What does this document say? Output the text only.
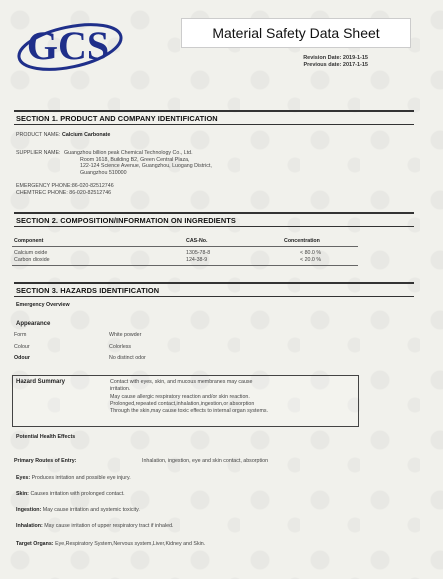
GCS	Material Safety Data Sheet
Revision Date: 2019-1-15
Previous date: 2017-1-15
SECTION 1. PRODUCT AND COMPANY IDENTIFICATION
PRODUCT NAME: Calcium Carbonate
SUPPLIER NAME: Guangzhou billion peak Chemical Technology Co., Ltd.
Room 1618, Building B2, Green Central Plaza,
122-124 Science Avenue, Guangzhou, Luogang District,
Guangzhou 510000
EMERGENCY PHONE:86-020-82512746
CHEMTREC PHONE: 86-020-82512746
SECTION 2. COMPOSITION/INFORMATION ON INGREDIENTS
Component	CAS-No.	Concentration
Calcium oxide	1305-78-8	< 80.0 %
Carbon dioxide	124-38-9	< 20.0 %
SECTION 3. HAZARDS IDENTIFICATION
Emergency Overview
Appearance
Form	White powder
Colour	Colorless
Odour	No distinct odor
Hazard Summary	Contact with eyes, skin, and mucous membranes may cause
irritation.
May cause allergic respiratory reaction and/or skin reaction.
Prolonged,repeated contact,inhalation,ingestion,or absorption
Through the skin,may cause toxic effects to internal organ systems.
Potential Health Effects
Primary Routes of Entry:	Inhalation, ingestion, eye and skin contact, absorption
Eyes: Produces irritation and possible eye injury.
Skin: Causes irritation with prolonged contact.
Ingestion: May cause irritation and systemic toxicity.
Inhalation: May cause irritation of upper respiratory tract if inhaled.
Target Organs: Eye,Respiratory System,Nervous system,Liver,Kidney and Skin.
